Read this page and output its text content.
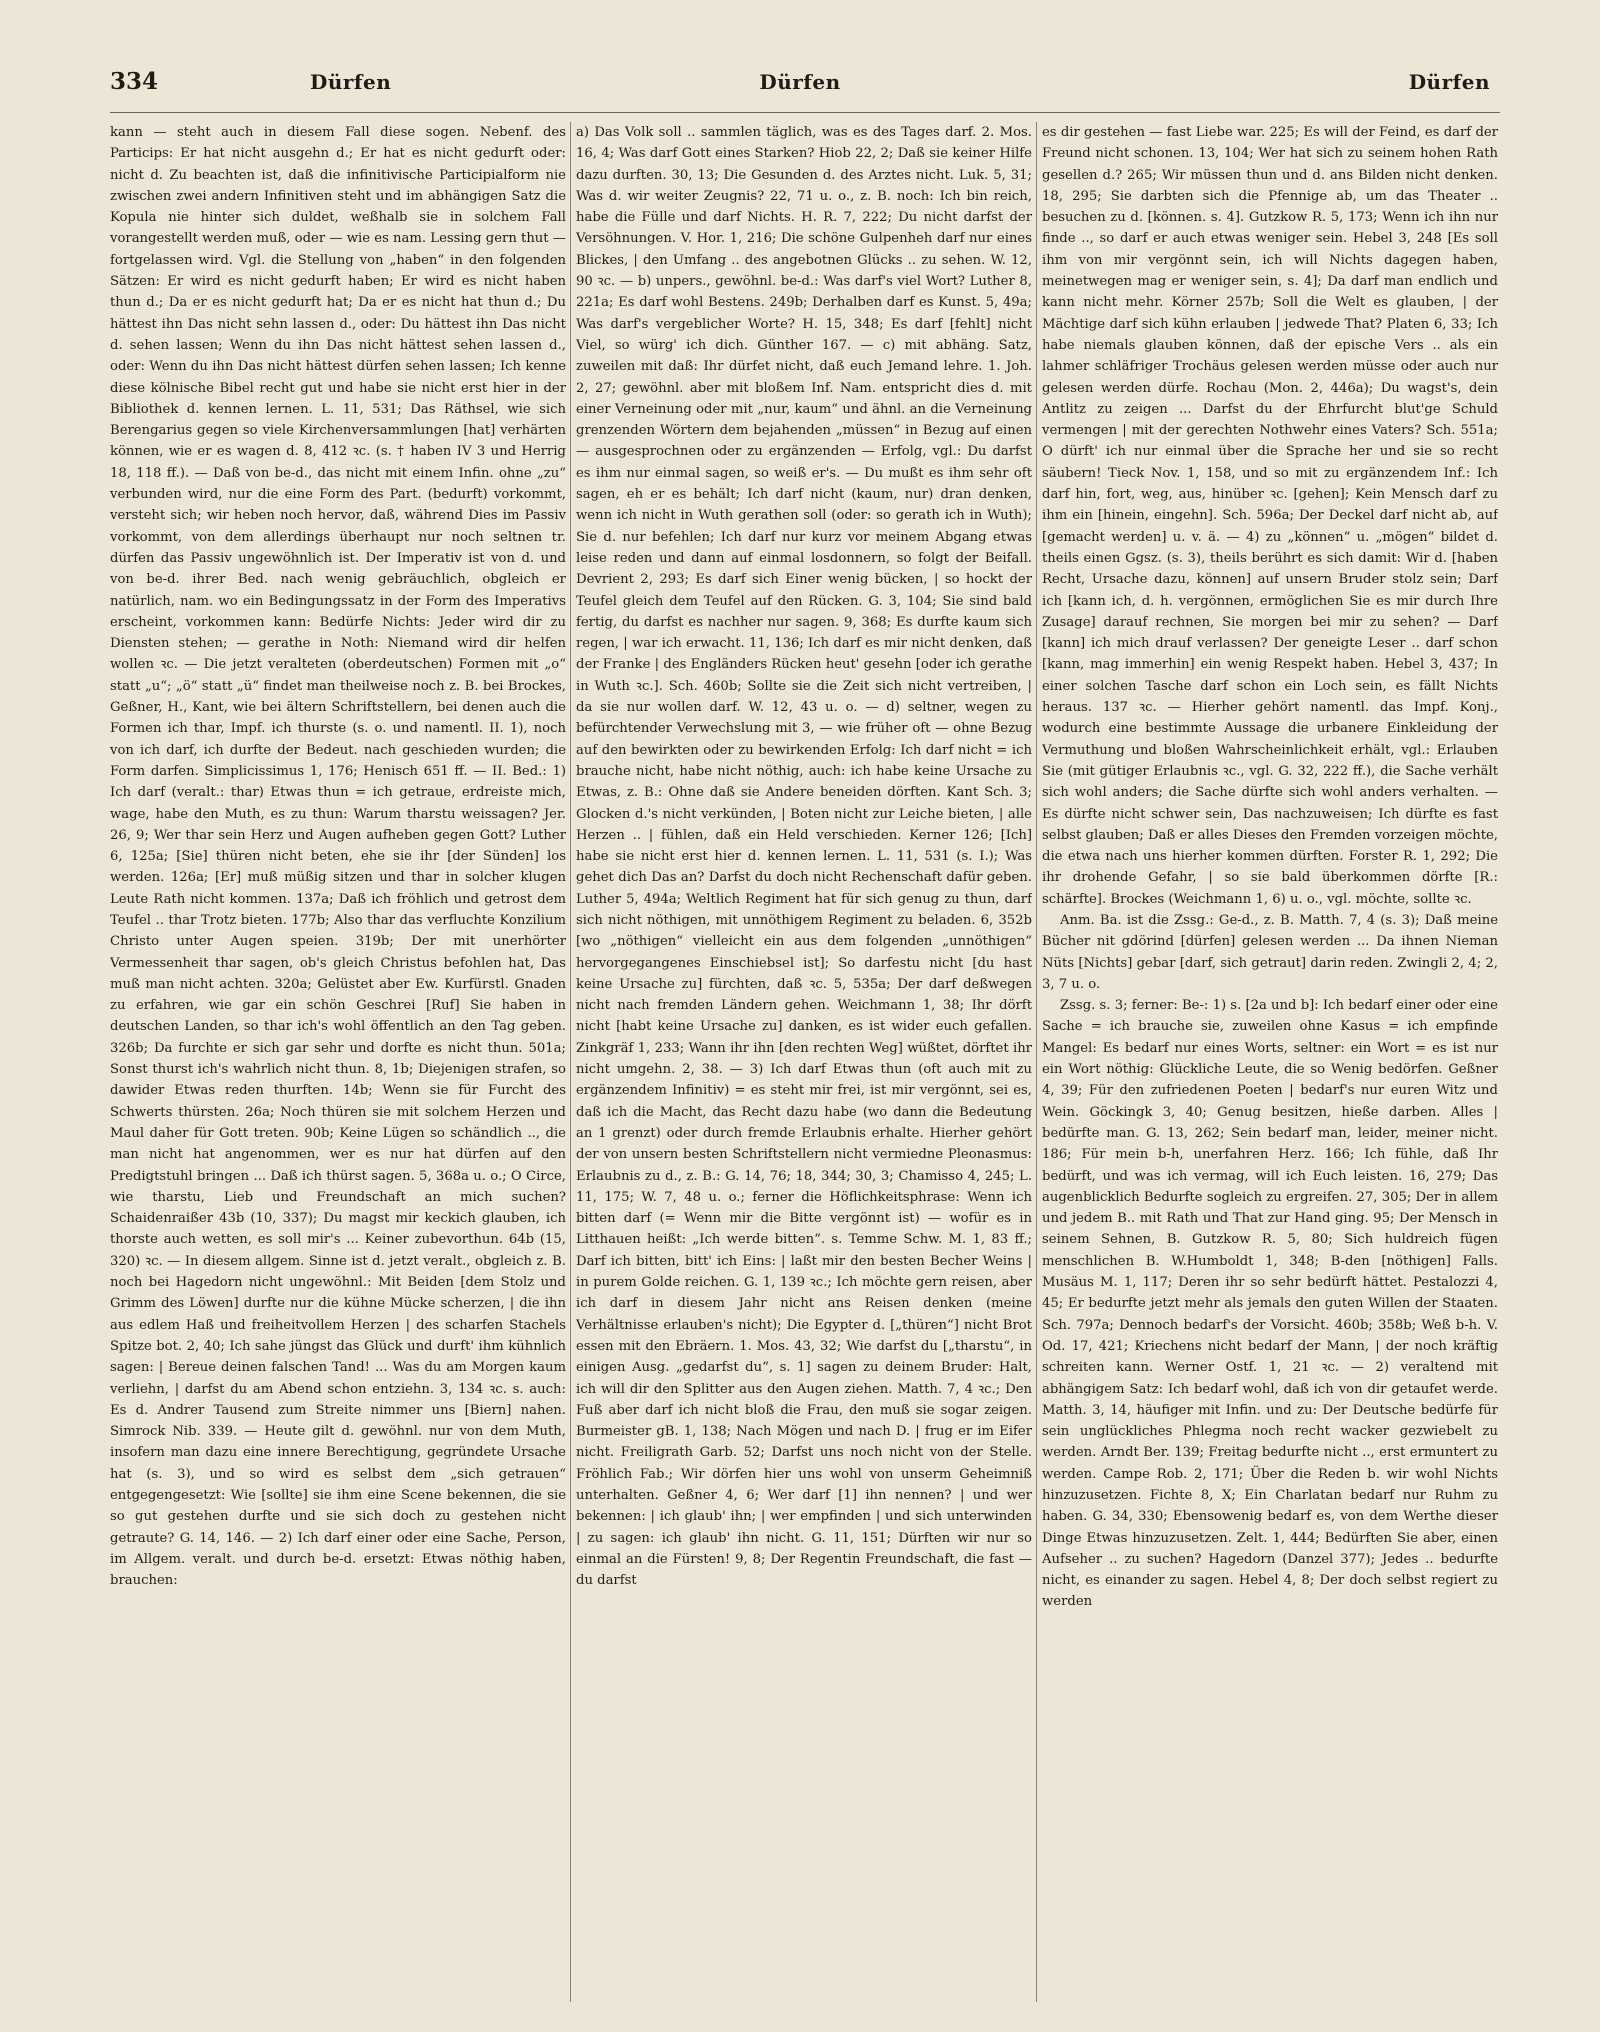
334	Dürfen	Dürfen	Dürfen

kann — steht auch in diesem Fall diese sogen. Nebenf. des Particips: Er hat nicht ausgehn d.; Er hat es nicht gedurft oder: nicht d. Zu beachten ist, daß die infinitivische Participialform nie zwischen zwei andern Infinitiven steht und im abhängigen Satz die Kopula nie hinter sich duldet, weßhalb sie in solchem Fall vorangestellt werden muß, oder — wie es nam. Lessing gern thut — fortgelassen wird. Vgl. die Stellung von „haben“ in den folgenden Sätzen: Er wird es nicht gedurft haben; Er wird es nicht haben thun d.; Da er es nicht gedurft hat; Da er es nicht hat thun d.; Du hättest ihn Das nicht sehn lassen d., oder: Du hättest ihn Das nicht d. sehen lassen; Wenn du ihn Das nicht hättest sehen lassen d., oder: Wenn du ihn Das nicht hättest dürfen sehen lassen; Ich kenne diese kölnische Bibel recht gut und habe sie nicht erst hier in der Bibliothek d. kennen lernen. L. 11, 531; Das Räthsel, wie sich Berengarius gegen so viele Kirchenversammlungen [hat] verhärten können, wie er es wagen d. 8, 412 ꝛc. (s. † haben IV 3 und Herrig 18, 118 ff.). — Daß von be-d., das nicht mit einem Infin. ohne „zu“ verbunden wird, nur die eine Form des Part. (bedurft) vorkommt, versteht sich; wir heben noch hervor, daß, während Dies im Passiv vorkommt, von dem allerdings überhaupt nur noch seltnen tr. dürfen das Passiv ungewöhnlich ist. Der Imperativ ist von d. und von be-d. ihrer Bed. nach wenig gebräuchlich, obgleich er natürlich, nam. wo ein Bedingungssatz in der Form des Imperativs erscheint, vorkommen kann: Bedürfe Nichts: Jeder wird dir zu Diensten stehen; — gerathe in Noth: Niemand wird dir helfen wollen ꝛc. — Die jetzt veralteten (oberdeutschen) Formen mit „o“ statt „u“; „ö“ statt „ü“ findet man theilweise noch z. B. bei Brockes, Geßner, H., Kant, wie bei ältern Schriftstellern, bei denen auch die Formen ich thar, Impf. ich thurste (s. o. und namentl. II. 1), noch von ich darf, ich durfte der Bedeut. nach geschieden wurden; die Form darfen. Simplicissimus 1, 176; Henisch 651 ff. — II. Bed.: 1) Ich darf (veralt.: thar) Etwas thun = ich getraue, erdreiste mich, wage, habe den Muth, es zu thun: Warum tharstu weissagen? Jer. 26, 9; Wer thar sein Herz und Augen aufheben gegen Gott? Luther 6, 125a; [Sie] thüren nicht beten, ehe sie ihr [der Sünden] los werden. 126a; [Er] muß müßig sitzen und thar in solcher klugen Leute Rath nicht kommen. 137a; Daß ich fröhlich und getrost dem Teufel .. thar Trotz bieten. 177b; Also thar das verfluchte Konzilium Christo unter Augen speien. 319b; Der mit unerhörter Vermessenheit thar sagen, ob's gleich Christus befohlen hat, Das muß man nicht achten. 320a; Gelüstet aber Ew. Kurfürstl. Gnaden zu erfahren, wie gar ein schön Geschrei [Ruf] Sie haben in deutschen Landen, so thar ich's wohl öffentlich an den Tag geben. 326b; Da furchte er sich gar sehr und dorfte es nicht thun. 501a; Sonst thurst ich's wahrlich nicht thun. 8, 1b; Diejenigen strafen, so dawider Etwas reden thurften. 14b; Wenn sie für Furcht des Schwerts thürsten. 26a; Noch thüren sie mit solchem Herzen und Maul daher für Gott treten. 90b; Keine Lügen so schändlich .., die man nicht hat angenommen, wer es nur hat dürfen auf den Predigtstuhl bringen ... Daß ich thürst sagen. 5, 368a u. o.; O Circe, wie tharstu, Lieb und Freundschaft an mich suchen? Schaidenraißer 43b (10, 337); Du magst mir keckich glauben, ich thorste auch wetten, es soll mir's ... Keiner zubevorthun. 64b (15, 320) ꝛc. — In diesem allgem. Sinne ist d. jetzt veralt., obgleich z. B. noch bei Hagedorn nicht ungewöhnl.: Mit Beiden [dem Stolz und Grimm des Löwen] durfte nur die kühne Mücke scherzen, | die ihn aus edlem Haß und freiheitvollem Herzen | des scharfen Stachels Spitze bot. 2, 40; Ich sahe jüngst das Glück und durft' ihm kühnlich sagen: | Bereue deinen falschen Tand! ... Was du am Morgen kaum verliehn, | darfst du am Abend schon entziehn. 3, 134 ꝛc. s. auch: Es d. Andrer Tausend zum Streite nimmer uns [Biern] nahen. Simrock Nib. 339. — Heute gilt d. gewöhnl. nur von dem Muth, insofern man dazu eine innere Berechtigung, gegründete Ursache hat (s. 3), und so wird es selbst dem „sich getrauen“ entgegengesetzt: Wie [sollte] sie ihm eine Scene bekennen, die sie so gut gestehen durfte und sie sich doch zu gestehen nicht getraute? G. 14, 146. — 2) Ich darf einer oder eine Sache, Person, im Allgem. veralt. und durch be-d. ersetzt: Etwas nöthig haben, brauchen:

a) Das Volk soll .. sammlen täglich, was es des Tages darf. 2. Mos. 16, 4; Was darf Gott eines Starken? Hiob 22, 2; Daß sie keiner Hilfe dazu durften. 30, 13; Die Gesunden d. des Arztes nicht. Luk. 5, 31; Was d. wir weiter Zeugnis? 22, 71 u. o., z. B. noch: Ich bin reich, habe die Fülle und darf Nichts. H. R. 7, 222; Du nicht darfst der Versöhnungen. V. Hor. 1, 216; Die schöne Gulpenheh darf nur eines Blickes, | den Umfang .. des angebotnen Glücks .. zu sehen. W. 12, 90 ꝛc. — b) unpers., gewöhnl. be-d.: Was darf's viel Wort? Luther 8, 221a; Es darf wohl Bestens. 249b; Derhalben darf es Kunst. 5, 49a; Was darf's vergeblicher Worte? H. 15, 348; Es darf [fehlt] nicht Viel, so würg' ich dich. Günther 167. — c) mit abhäng. Satz, zuweilen mit daß: Ihr dürfet nicht, daß euch Jemand lehre. 1. Joh. 2, 27; gewöhnl. aber mit bloßem Inf. Nam. entspricht dies d. mit einer Verneinung oder mit „nur, kaum“ und ähnl. an die Verneinung grenzenden Wörtern dem bejahenden „müssen“ in Bezug auf einen — ausgesprochnen oder zu ergänzenden — Erfolg, vgl.: Du darfst es ihm nur einmal sagen, so weiß er's. — Du mußt es ihm sehr oft sagen, eh er es behält; Ich darf nicht (kaum, nur) dran denken, wenn ich nicht in Wuth gerathen soll (oder: so gerath ich in Wuth); Sie d. nur befehlen; Ich darf nur kurz vor meinem Abgang etwas leise reden und dann auf einmal losdonnern, so folgt der Beifall. Devrient 2, 293; Es darf sich Einer wenig bücken, | so hockt der Teufel gleich dem Teufel auf den Rücken. G. 3, 104; Sie sind bald fertig, du darfst es nachher nur sagen. 9, 368; Es durfte kaum sich regen, | war ich erwacht. 11, 136; Ich darf es mir nicht denken, daß der Franke | des Engländers Rücken heut' gesehn [oder ich gerathe in Wuth ꝛc.]. Sch. 460b; Sollte sie die Zeit sich nicht vertreiben, | da sie nur wollen darf. W. 12, 43 u. o. — d) seltner, wegen zu befürchtender Verwechslung mit 3, — wie früher oft — ohne Bezug auf den bewirkten oder zu bewirkenden Erfolg: Ich darf nicht = ich brauche nicht, habe nicht nöthig, auch: ich habe keine Ursache zu Etwas, z. B.: Ohne daß sie Andere beneiden dörften. Kant Sch. 3; Glocken d.'s nicht verkünden, | Boten nicht zur Leiche bieten, | alle Herzen .. | fühlen, daß ein Held verschieden. Kerner 126; [Ich] habe sie nicht erst hier d. kennen lernen. L. 11, 531 (s. I.); Was gehet dich Das an? Darfst du doch nicht Rechenschaft dafür geben. Luther 5, 494a; Weltlich Regiment hat für sich genug zu thun, darf sich nicht nöthigen, mit unnöthigem Regiment zu beladen. 6, 352b [wo „nöthigen“ vielleicht ein aus dem folgenden „unnöthigen“ hervorgegangenes Einschiebsel ist]; So darfestu nicht [du hast keine Ursache zu] fürchten, daß ꝛc. 5, 535a; Der darf deßwegen nicht nach fremden Ländern gehen. Weichmann 1, 38; Ihr dörft nicht [habt keine Ursache zu] danken, es ist wider euch gefallen. Zinkgräf 1, 233; Wann ihr ihn [den rechten Weg] wüßtet, dörftet ihr nicht umgehn. 2, 38. — 3) Ich darf Etwas thun (oft auch mit zu ergänzendem Infinitiv) = es steht mir frei, ist mir vergönnt, sei es, daß ich die Macht, das Recht dazu habe (wo dann die Bedeutung an 1 grenzt) oder durch fremde Erlaubnis erhalte. Hierher gehört der von unsern besten Schriftstellern nicht vermiedne Pleonasmus: Erlaubnis zu d., z. B.: G. 14, 76; 18, 344; 30, 3; Chamisso 4, 245; L. 11, 175; W. 7, 48 u. o.; ferner die Höflichkeitsphrase: Wenn ich bitten darf (= Wenn mir die Bitte vergönnt ist) — wofür es in Litthauen heißt: „Ich werde bitten“. s. Temme Schw. M. 1, 83 ff.; Darf ich bitten, bitt' ich Eins: | laßt mir den besten Becher Weins | in purem Golde reichen. G. 1, 139 ꝛc.; Ich möchte gern reisen, aber ich darf in diesem Jahr nicht ans Reisen denken (meine Verhältnisse erlauben's nicht); Die Egypter d. [„thüren“] nicht Brot essen mit den Ebräern. 1. Mos. 43, 32; Wie darfst du [„tharstu“, in einigen Ausg. „gedarfst du“, s. 1] sagen zu deinem Bruder: Halt, ich will dir den Splitter aus den Augen ziehen. Matth. 7, 4 ꝛc.; Den Fuß aber darf ich nicht bloß die Frau, den muß sie sogar zeigen. Burmeister gB. 1, 138; Nach Mögen und nach D. | frug er im Eifer nicht. Freiligrath Garb. 52; Darfst uns noch nicht von der Stelle. Fröhlich Fab.; Wir dörfen hier uns wohl von unserm Geheimniß unterhalten. Geßner 4, 6; Wer darf [1] ihn nennen? | und wer bekennen: | ich glaub' ihn; | wer empfinden | und sich unterwinden | zu sagen: ich glaub' ihn nicht. G. 11, 151; Dürften wir nur so einmal an die Fürsten! 9, 8; Der Regentin Freundschaft, die fast — du darfst

es dir gestehen — fast Liebe war. 225; Es will der Feind, es darf der Freund nicht schonen. 13, 104; Wer hat sich zu seinem hohen Rath gesellen d.? 265; Wir müssen thun und d. ans Bilden nicht denken. 18, 295; Sie darbten sich die Pfennige ab, um das Theater .. besuchen zu d. [können. s. 4]. Gutzkow R. 5, 173; Wenn ich ihn nur finde .., so darf er auch etwas weniger sein. Hebel 3, 248 [Es soll ihm von mir vergönnt sein, ich will Nichts dagegen haben, meinetwegen mag er weniger sein, s. 4]; Da darf man endlich und kann nicht mehr. Körner 257b; Soll die Welt es glauben, | der Mächtige darf sich kühn erlauben | jedwede That? Platen 6, 33; Ich habe niemals glauben können, daß der epische Vers .. als ein lahmer schläfriger Trochäus gelesen werden müsse oder auch nur gelesen werden dürfe. Rochau (Mon. 2, 446a); Du wagst's, dein Antlitz zu zeigen ... Darfst du der Ehrfurcht blut'ge Schuld vermengen | mit der gerechten Nothwehr eines Vaters? Sch. 551a; O dürft' ich nur einmal über die Sprache her und sie so recht säubern! Tieck Nov. 1, 158, und so mit zu ergänzendem Inf.: Ich darf hin, fort, weg, aus, hinüber ꝛc. [gehen]; Kein Mensch darf zu ihm ein [hinein, eingehn]. Sch. 596a; Der Deckel darf nicht ab, auf [gemacht werden] u. v. ä. — 4) zu „können“ u. „mögen“ bildet d. theils einen Ggsz. (s. 3), theils berührt es sich damit: Wir d. [haben Recht, Ursache dazu, können] auf unsern Bruder stolz sein; Darf ich [kann ich, d. h. vergönnen, ermöglichen Sie es mir durch Ihre Zusage] darauf rechnen, Sie morgen bei mir zu sehen? — Darf [kann] ich mich drauf verlassen? Der geneigte Leser .. darf schon [kann, mag immerhin] ein wenig Respekt haben. Hebel 3, 437; In einer solchen Tasche darf schon ein Loch sein, es fällt Nichts heraus. 137 ꝛc. — Hierher gehört namentl. das Impf. Konj., wodurch eine bestimmte Aussage die urbanere Einkleidung der Vermuthung und bloßen Wahrscheinlichkeit erhält, vgl.: Erlauben Sie (mit gütiger Erlaubnis ꝛc., vgl. G. 32, 222 ff.), die Sache verhält sich wohl anders; die Sache dürfte sich wohl anders verhalten. — Es dürfte nicht schwer sein, Das nachzuweisen; Ich dürfte es fast selbst glauben; Daß er alles Dieses den Fremden vorzeigen möchte, die etwa nach uns hierher kommen dürften. Forster R. 1, 292; Die ihr drohende Gefahr, | so sie bald überkommen dörfte [R.: schärfte]. Brockes (Weichmann 1, 6) u. o., vgl. möchte, sollte ꝛc.

Anm. Ba. ist die Zssg.: Ge-d., z. B. Matth. 7, 4 (s. 3); Daß meine Bücher nit gdörind [dürfen] gelesen werden ... Da ihnen Nieman Nüts [Nichts] gebar [darf, sich getraut] darin reden. Zwingli 2, 4; 2, 3, 7 u. o.

Zssg. s. 3; ferner: Be-: 1) s. [2a und b]: Ich bedarf einer oder eine Sache = ich brauche sie, zuweilen ohne Kasus = ich empfinde Mangel: Es bedarf nur eines Worts, seltner: ein Wort = es ist nur ein Wort nöthig: Glückliche Leute, die so Wenig bedörfen. Geßner 4, 39; Für den zufriedenen Poeten | bedarf's nur euren Witz und Wein. Göckingk 3, 40; Genug besitzen, hieße darben. Alles | bedürfte man. G. 13, 262; Sein bedarf man, leider, meiner nicht. 186; Für mein b-h, unerfahren Herz. 166; Ich fühle, daß Ihr bedürft, und was ich vermag, will ich Euch leisten. 16, 279; Das augenblicklich Bedurfte sogleich zu ergreifen. 27, 305; Der in allem und jedem B.. mit Rath und That zur Hand ging. 95; Der Mensch in seinem Sehnen, B. Gutzkow R. 5, 80; Sich huldreich fügen menschlichen B. W.Humboldt 1, 348; B-den [nöthigen] Falls. Musäus M. 1, 117; Deren ihr so sehr bedürft hättet. Pestalozzi 4, 45; Er bedurfte jetzt mehr als jemals den guten Willen der Staaten. Sch. 797a; Dennoch bedarf's der Vorsicht. 460b; 358b; Weß b-h. V. Od. 17, 421; Kriechens nicht bedarf der Mann, | der noch kräftig schreiten kann. Werner Ostf. 1, 21 ꝛc. — 2) veraltend mit abhängigem Satz: Ich bedarf wohl, daß ich von dir getaufet werde. Matth. 3, 14, häufiger mit Infin. und zu: Der Deutsche bedürfe für sein unglückliches Phlegma noch recht wacker gezwiebelt zu werden. Arndt Ber. 139; Freitag bedurfte nicht .., erst ermuntert zu werden. Campe Rob. 2, 171; Über die Reden b. wir wohl Nichts hinzuzusetzen. Fichte 8, X; Ein Charlatan bedarf nur Ruhm zu haben. G. 34, 330; Ebensowenig bedarf es, von dem Werthe dieser Dinge Etwas hinzuzusetzen. Zelt. 1, 444; Bedürften Sie aber, einen Aufseher .. zu suchen? Hagedorn (Danzel 377); Jedes .. bedurfte nicht, es einander zu sagen. Hebel 4, 8; Der doch selbst regiert zu werden
